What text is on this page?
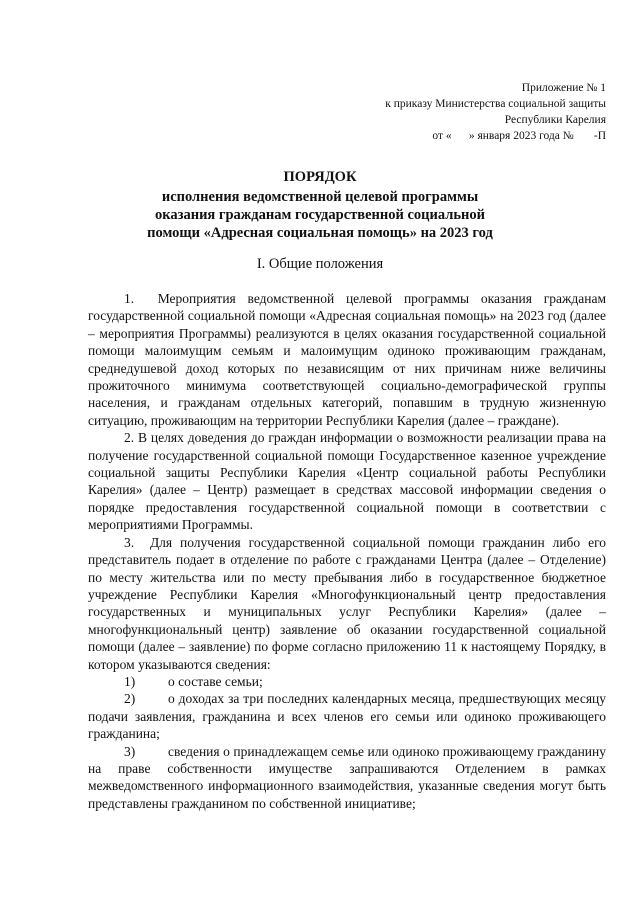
Приложение № 1
к приказу Министерства социальной защиты
Республики Карелия
от «      » января 2023 года №       -П
ПОРЯДОК
исполнения ведомственной целевой программы
оказания гражданам государственной социальной
помощи «Адресная социальная помощь» на 2023 год
I. Общие положения

1. Мероприятия ведомственной целевой программы оказания гражданам государственной социальной помощи «Адресная социальная помощь» на 2023 год (далее – мероприятия Программы) реализуются в целях оказания государственной социальной помощи малоимущим семьям и малоимущим одиноко проживающим гражданам, среднедушевой доход которых по независящим от них причинам ниже величины прожиточного минимума соответствующей социально-демографической группы населения, и гражданам отдельных категорий, попавшим в трудную жизненную ситуацию, проживающим на территории Республики Карелия (далее – граждане).

2. В целях доведения до граждан информации о возможности реализации права на получение государственной социальной помощи Государственное казенное учреждение социальной защиты Республики Карелия «Центр социальной работы Республики Карелия» (далее – Центр) размещает в средствах массовой информации сведения о порядке предоставления государственной социальной помощи в соответствии с мероприятиями Программы.

3. Для получения государственной социальной помощи гражданин либо его представитель подает в отделение по работе с гражданами Центра (далее – Отделение) по месту жительства или по месту пребывания либо в государственное бюджетное учреждение Республики Карелия «Многофункциональный центр предоставления государственных и муниципальных услуг Республики Карелия» (далее – многофункциональный центр) заявление об оказании государственной социальной помощи (далее – заявление) по форме согласно приложению 11 к настоящему Порядку, в котором указываются сведения:

1) о составе семьи;

2) о доходах за три последних календарных месяца, предшествующих месяцу подачи заявления, гражданина и всех членов его семьи или одиноко проживающего гражданина;

3) сведения о принадлежащем семье или одиноко проживающему гражданину на праве собственности имуществе запрашиваются Отделением в рамках межведомственного информационного взаимодействия, указанные сведения могут быть представлены гражданином по собственной инициативе;
